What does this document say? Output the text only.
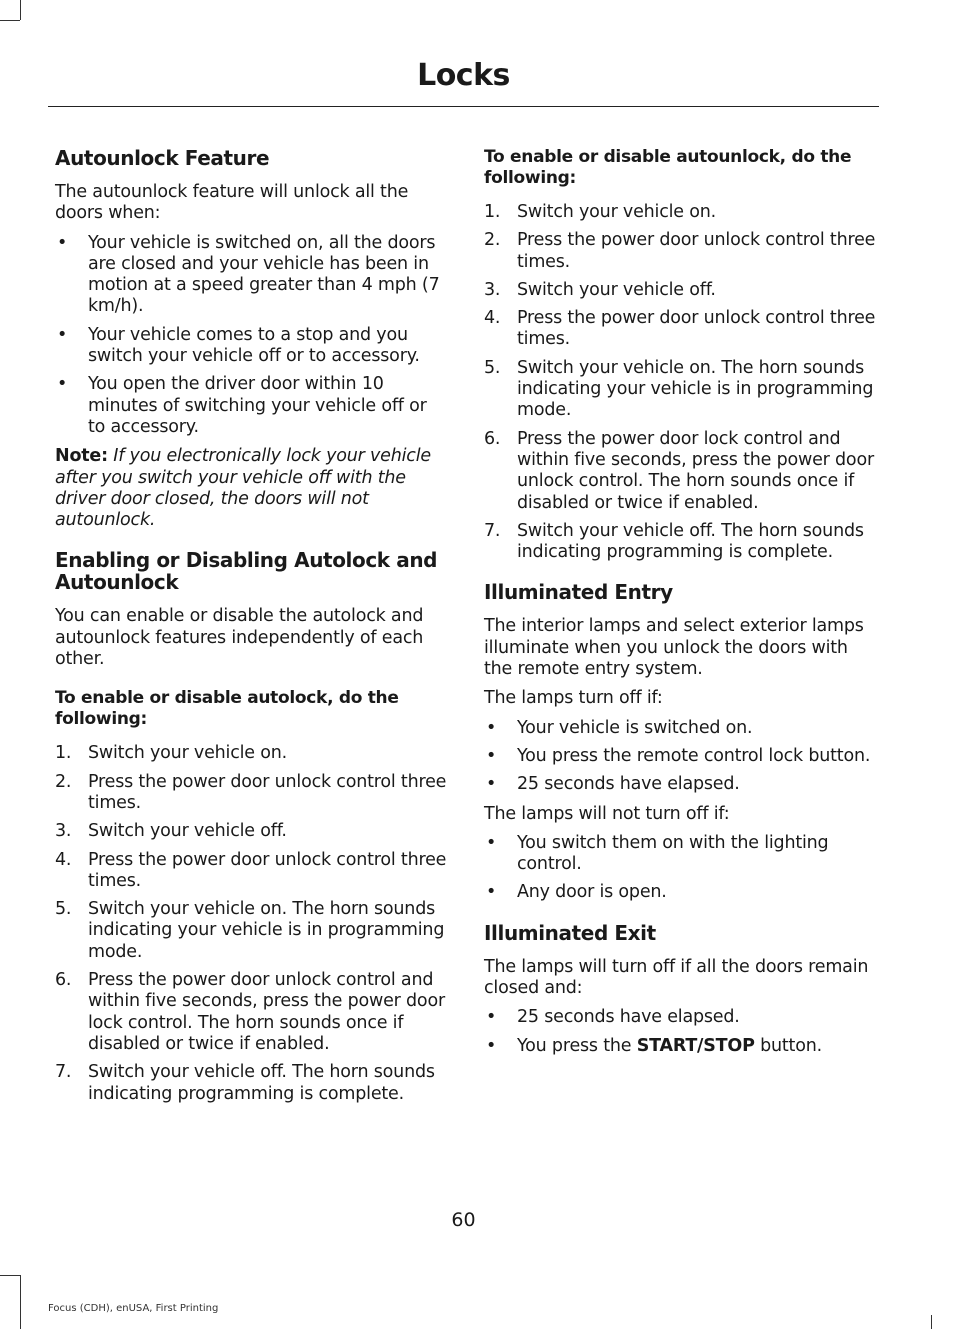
Locks
Autounlock Feature

The autounlock feature will unlock all the doors when:

• Your vehicle is switched on, all the doors are closed and your vehicle has been in motion at a speed greater than 4 mph (7 km/h).
• Your vehicle comes to a stop and you switch your vehicle off or to accessory.
• You open the driver door within 10 minutes of switching your vehicle off or to accessory.

Note: If you electronically lock your vehicle after you switch your vehicle off with the driver door closed, the doors will not autounlock.

Enabling or Disabling Autolock and Autounlock

You can enable or disable the autolock and autounlock features independently of each other.

To enable or disable autolock, do the following:
1. Switch your vehicle on.
2. Press the power door unlock control three times.
3. Switch your vehicle off.
4. Press the power door unlock control three times.
5. Switch your vehicle on. The horn sounds indicating your vehicle is in programming mode.
6. Press the power door unlock control and within five seconds, press the power door lock control. The horn sounds once if disabled or twice if enabled.
7. Switch your vehicle off. The horn sounds indicating programming is complete.
To enable or disable autounlock, do the following:
1. Switch your vehicle on.
2. Press the power door unlock control three times.
3. Switch your vehicle off.
4. Press the power door unlock control three times.
5. Switch your vehicle on. The horn sounds indicating your vehicle is in programming mode.
6. Press the power door lock control and within five seconds, press the power door unlock control. The horn sounds once if disabled or twice if enabled.
7. Switch your vehicle off. The horn sounds indicating programming is complete.
Illuminated Entry

The interior lamps and select exterior lamps illuminate when you unlock the doors with the remote entry system.

The lamps turn off if:

• Your vehicle is switched on.
• You press the remote control lock button.
• 25 seconds have elapsed.

The lamps will not turn off if:

• You switch them on with the lighting control.
• Any door is open.
Illuminated Exit

The lamps will turn off if all the doors remain closed and:

• 25 seconds have elapsed.
• You press the START/STOP button.
60
Focus (CDH), enUSA, First Printing
